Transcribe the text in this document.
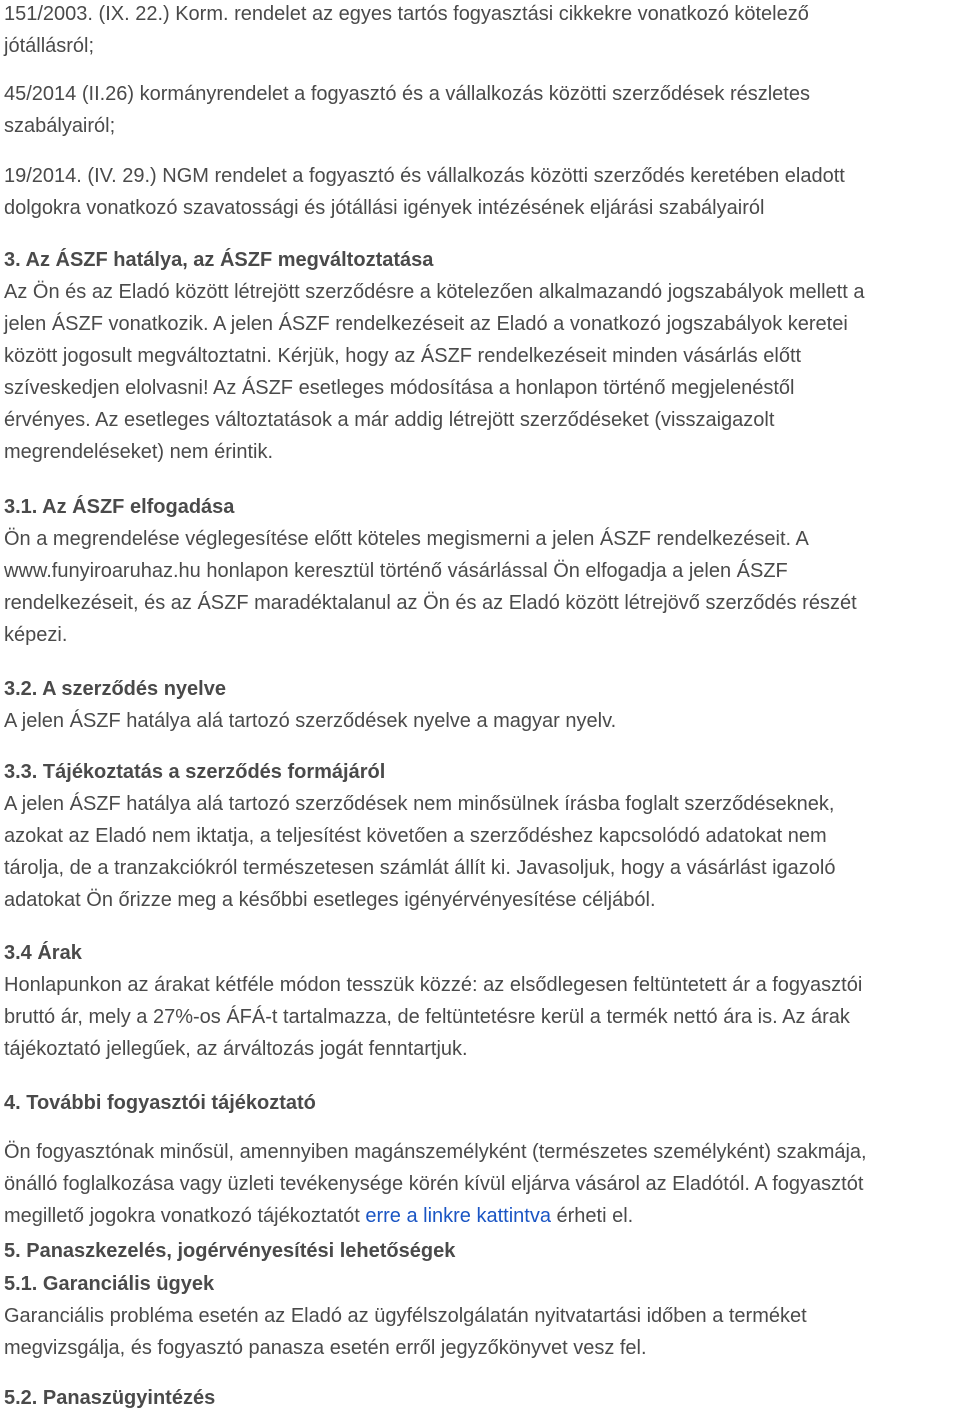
151/2003. (IX. 22.) Korm. rendelet az egyes tartós fogyasztási cikkekre vonatkozó kötelező
jótállásról;

45/2014 (II.26) kormányrendelet a fogyasztó és a vállalkozás közötti szerződések részletes
szabályairól;

19/2014. (IV. 29.) NGM rendelet a fogyasztó és vállalkozás közötti szerződés keretében eladott
dolgokra vonatkozó szavatossági és jótállási igények intézésének eljárási szabályairól

3. Az ÁSZF hatálya, az ÁSZF megváltoztatása
Az Ön és az Eladó között létrejött szerződésre a kötelezően alkalmazandó jogszabályok mellett a
jelen ÁSZF vonatkozik. A jelen ÁSZF rendelkezéseit az Eladó a vonatkozó jogszabályok keretei
között jogosult megváltoztatni. Kérjük, hogy az ÁSZF rendelkezéseit minden vásárlás előtt
szíveskedjen elolvasni! Az ÁSZF esetleges módosítása a honlapon történő megjelenéstől
érvényes. Az esetleges változtatások a már addig létrejött szerződéseket (visszaigazolt
megrendeléseket) nem érintik.
3.1. Az ÁSZF elfogadása
Ön a megrendelése véglegesítése előtt köteles megismerni a jelen ÁSZF rendelkezéseit. A
www.funyiroaruhaz.hu honlapon keresztül történő vásárlással Ön elfogadja a jelen ÁSZF
rendelkezéseit, és az ÁSZF maradéktalanul az Ön és az Eladó között létrejövő szerződés részét
képezi.
3.2. A szerződés nyelve
A jelen ÁSZF hatálya alá tartozó szerződések nyelve a magyar nyelv.
3.3. Tájékoztatás a szerződés formájáról
A jelen ÁSZF hatálya alá tartozó szerződések nem minősülnek írásba foglalt szerződéseknek,
azokat az Eladó nem iktatja, a teljesítést követően a szerződéshez kapcsolódó adatokat nem
tárolja, de a tranzakciókról természetesen számlát állít ki. Javasoljuk, hogy a vásárlást igazoló
adatokat Ön őrizze meg a későbbi esetleges igényérvényesítése céljából.
3.4 Árak
Honlapunkon az árakat kétféle módon tesszük közzé: az elsődlegesen feltüntetett ár a fogyasztói
bruttó ár, mely a 27%-os ÁFÁ-t tartalmazza, de feltüntetésre kerül a termék nettó ára is. Az árak
tájékoztató jellegűek, az árváltozás jogát fenntartjuk.
4. További fogyasztói tájékoztató
Ön fogyasztónak minősül, amennyiben magánszemélyként (természetes személyként) szakmája,
önálló foglalkozása vagy üzleti tevékenysége körén kívül eljárva vásárol az Eladótól. A fogyasztót
megillető jogokra vonatkozó tájékoztatót erre a linkre kattintva érheti el.
5. Panaszkezelés, jogérvényesítési lehetőségek
5.1. Garanciális ügyek
Garanciális probléma esetén az Eladó az ügyfélszolgálatán nyitvatartási időben a terméket
megvizsgálja, és fogyasztó panasza esetén erről jegyzőkönyvet vesz fel.
5.2. Panaszügyintézés
